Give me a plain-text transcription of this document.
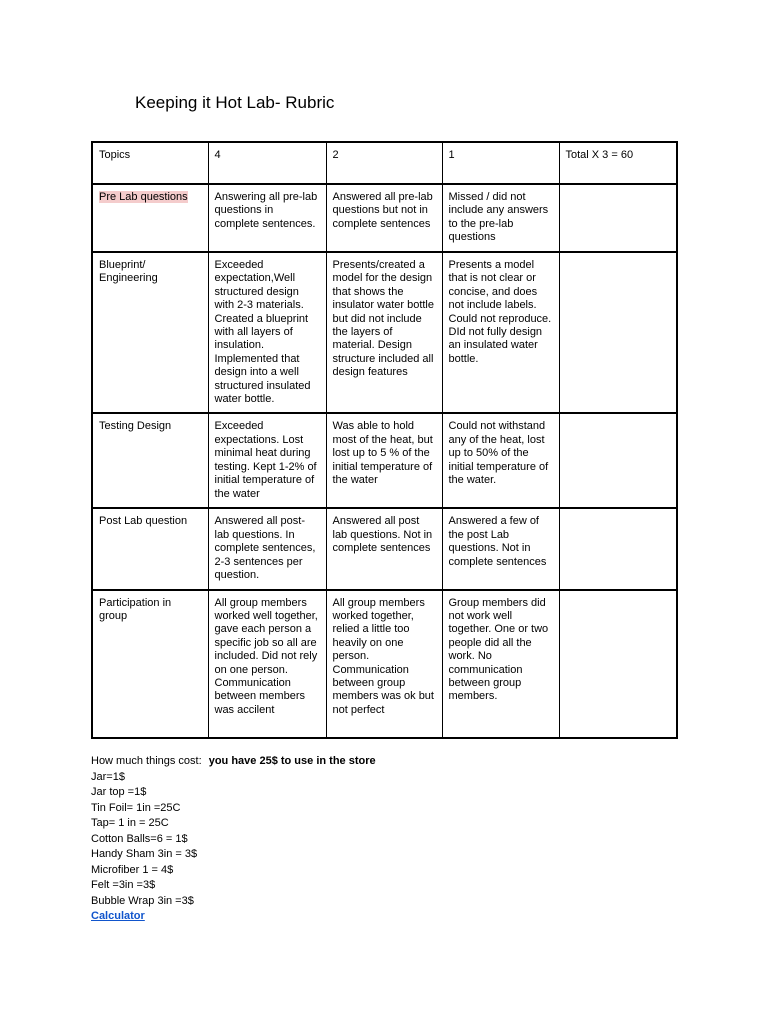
Keeping it Hot Lab- Rubric
Topics	4	2	1	Total X 3 = 60
Pre Lab questions	Answering all pre-lab questions in complete sentences.	Answered all pre-lab questions but not in complete sentences	Missed / did not include any answers to the pre-lab questions	
Blueprint/ Engineering	Exceeded expectation,Well structured design with 2-3 materials. Created a blueprint with all layers of insulation. Implemented that design into a well structured insulated water bottle.	Presents/created a model for the design that shows the insulator water bottle but did not include the layers of material. Design structure included all design features	Presents a model that is not clear or concise, and does not include labels. Could not reproduce. DId not fully design an insulated water bottle.	
Testing Design	Exceeded expectations. Lost minimal heat during testing. Kept 1-2% of initial temperature of the water	Was able to hold most of the heat, but lost up to 5 % of the initial temperature of the water	Could not withstand any of the heat, lost up to 50% of the initial temperature of the water.	
Post Lab question	Answered all post-lab questions. In complete sentences, 2-3 sentences per question.	Answered all post lab questions. Not in complete sentences	Answered a few of the post Lab questions. Not in complete sentences	
Participation in group	All group members worked well together, gave each person a specific job so all are included. Did not rely on one person. Communication between members was accilent	All group members worked together, relied a little too heavily on one person. Communication between group members was ok but not perfect	Group members did not work well together. One or two people did all the work. No communication between group members.	
How much things cost: you have 25$ to use in the store
Jar=1$
Jar top =1$
Tin Foil= 1in =25C
Tap= 1 in = 25C
Cotton Balls=6 = 1$
Handy Sham 3in = 3$
Microfiber 1 = 4$
Felt =3in =3$
Bubble Wrap 3in =3$
Calculator
